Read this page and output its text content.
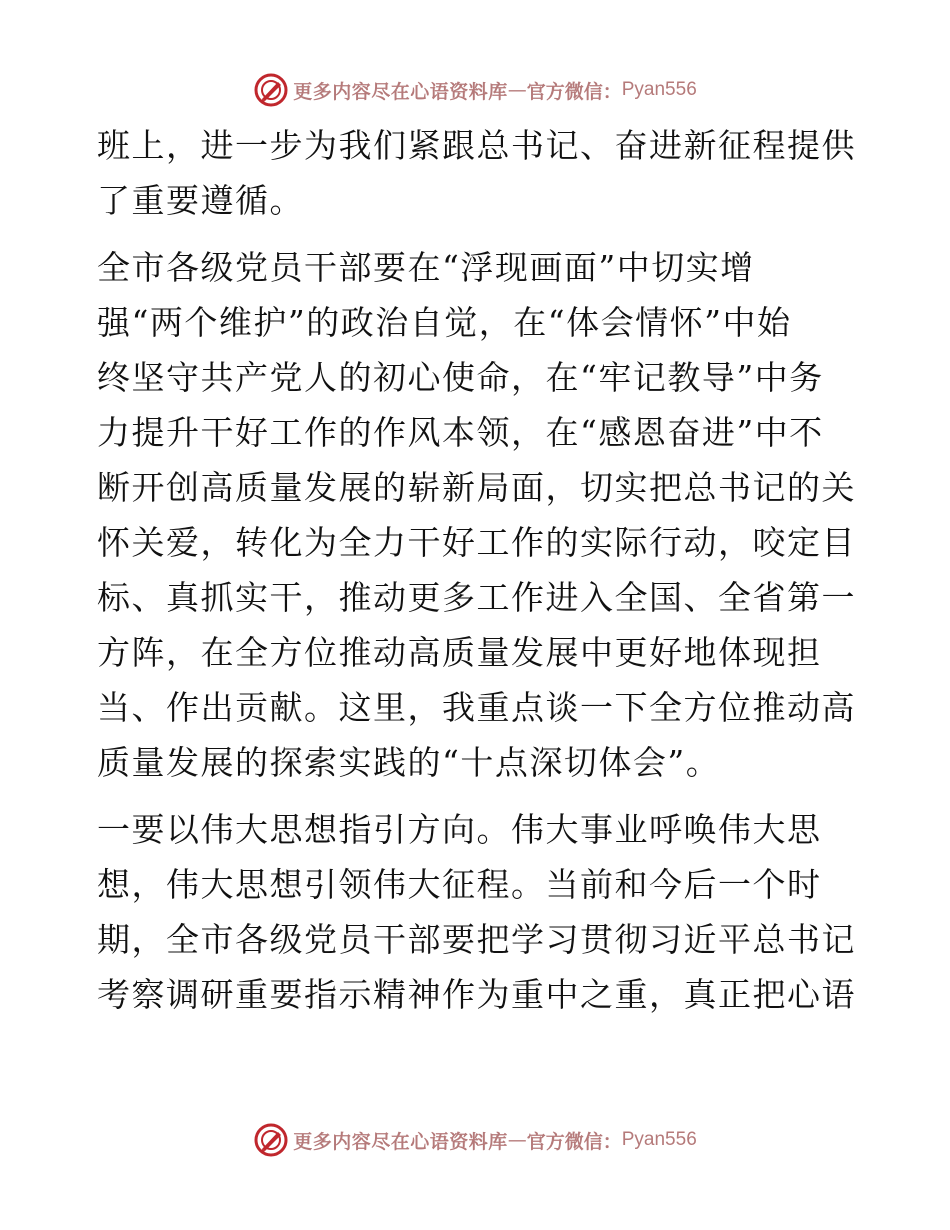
更多内容尽在心语资料库 — 官方微信： Pyan556
班上，进一步为我们紧跟总书记、奋进新征程提供
了重要遵循。
全市各级党员干部要在“浮现画面”中切实增
强“两个维护”的政治自觉，在“体会情怀”中始
终坚守共产党人的初心使命，在“牢记教导”中务
力提升干好工作的作风本领，在“感恩奋进”中不
断开创高质量发展的崭新局面，切实把总书记的关
怀关爱，转化为全力干好工作的实际行动，咬定目
标、真抓实干，推动更多工作进入全国、全省第一
方阵，在全方位推动高质量发展中更好地体现担
当、作出贡献。这里，我重点谈一下全方位推动高
质量发展的探索实践的“十点深切体会”。
一要以伟大思想指引方向。伟大事业呼唤伟大思
想，伟大思想引领伟大征程。当前和今后一个时
期，全市各级党员干部要把学习贯彻习近平总书记
考察调研重要指示精神作为重中之重，真正把心语
更多内容尽在心语资料库 — 官方微信： Pyan556
